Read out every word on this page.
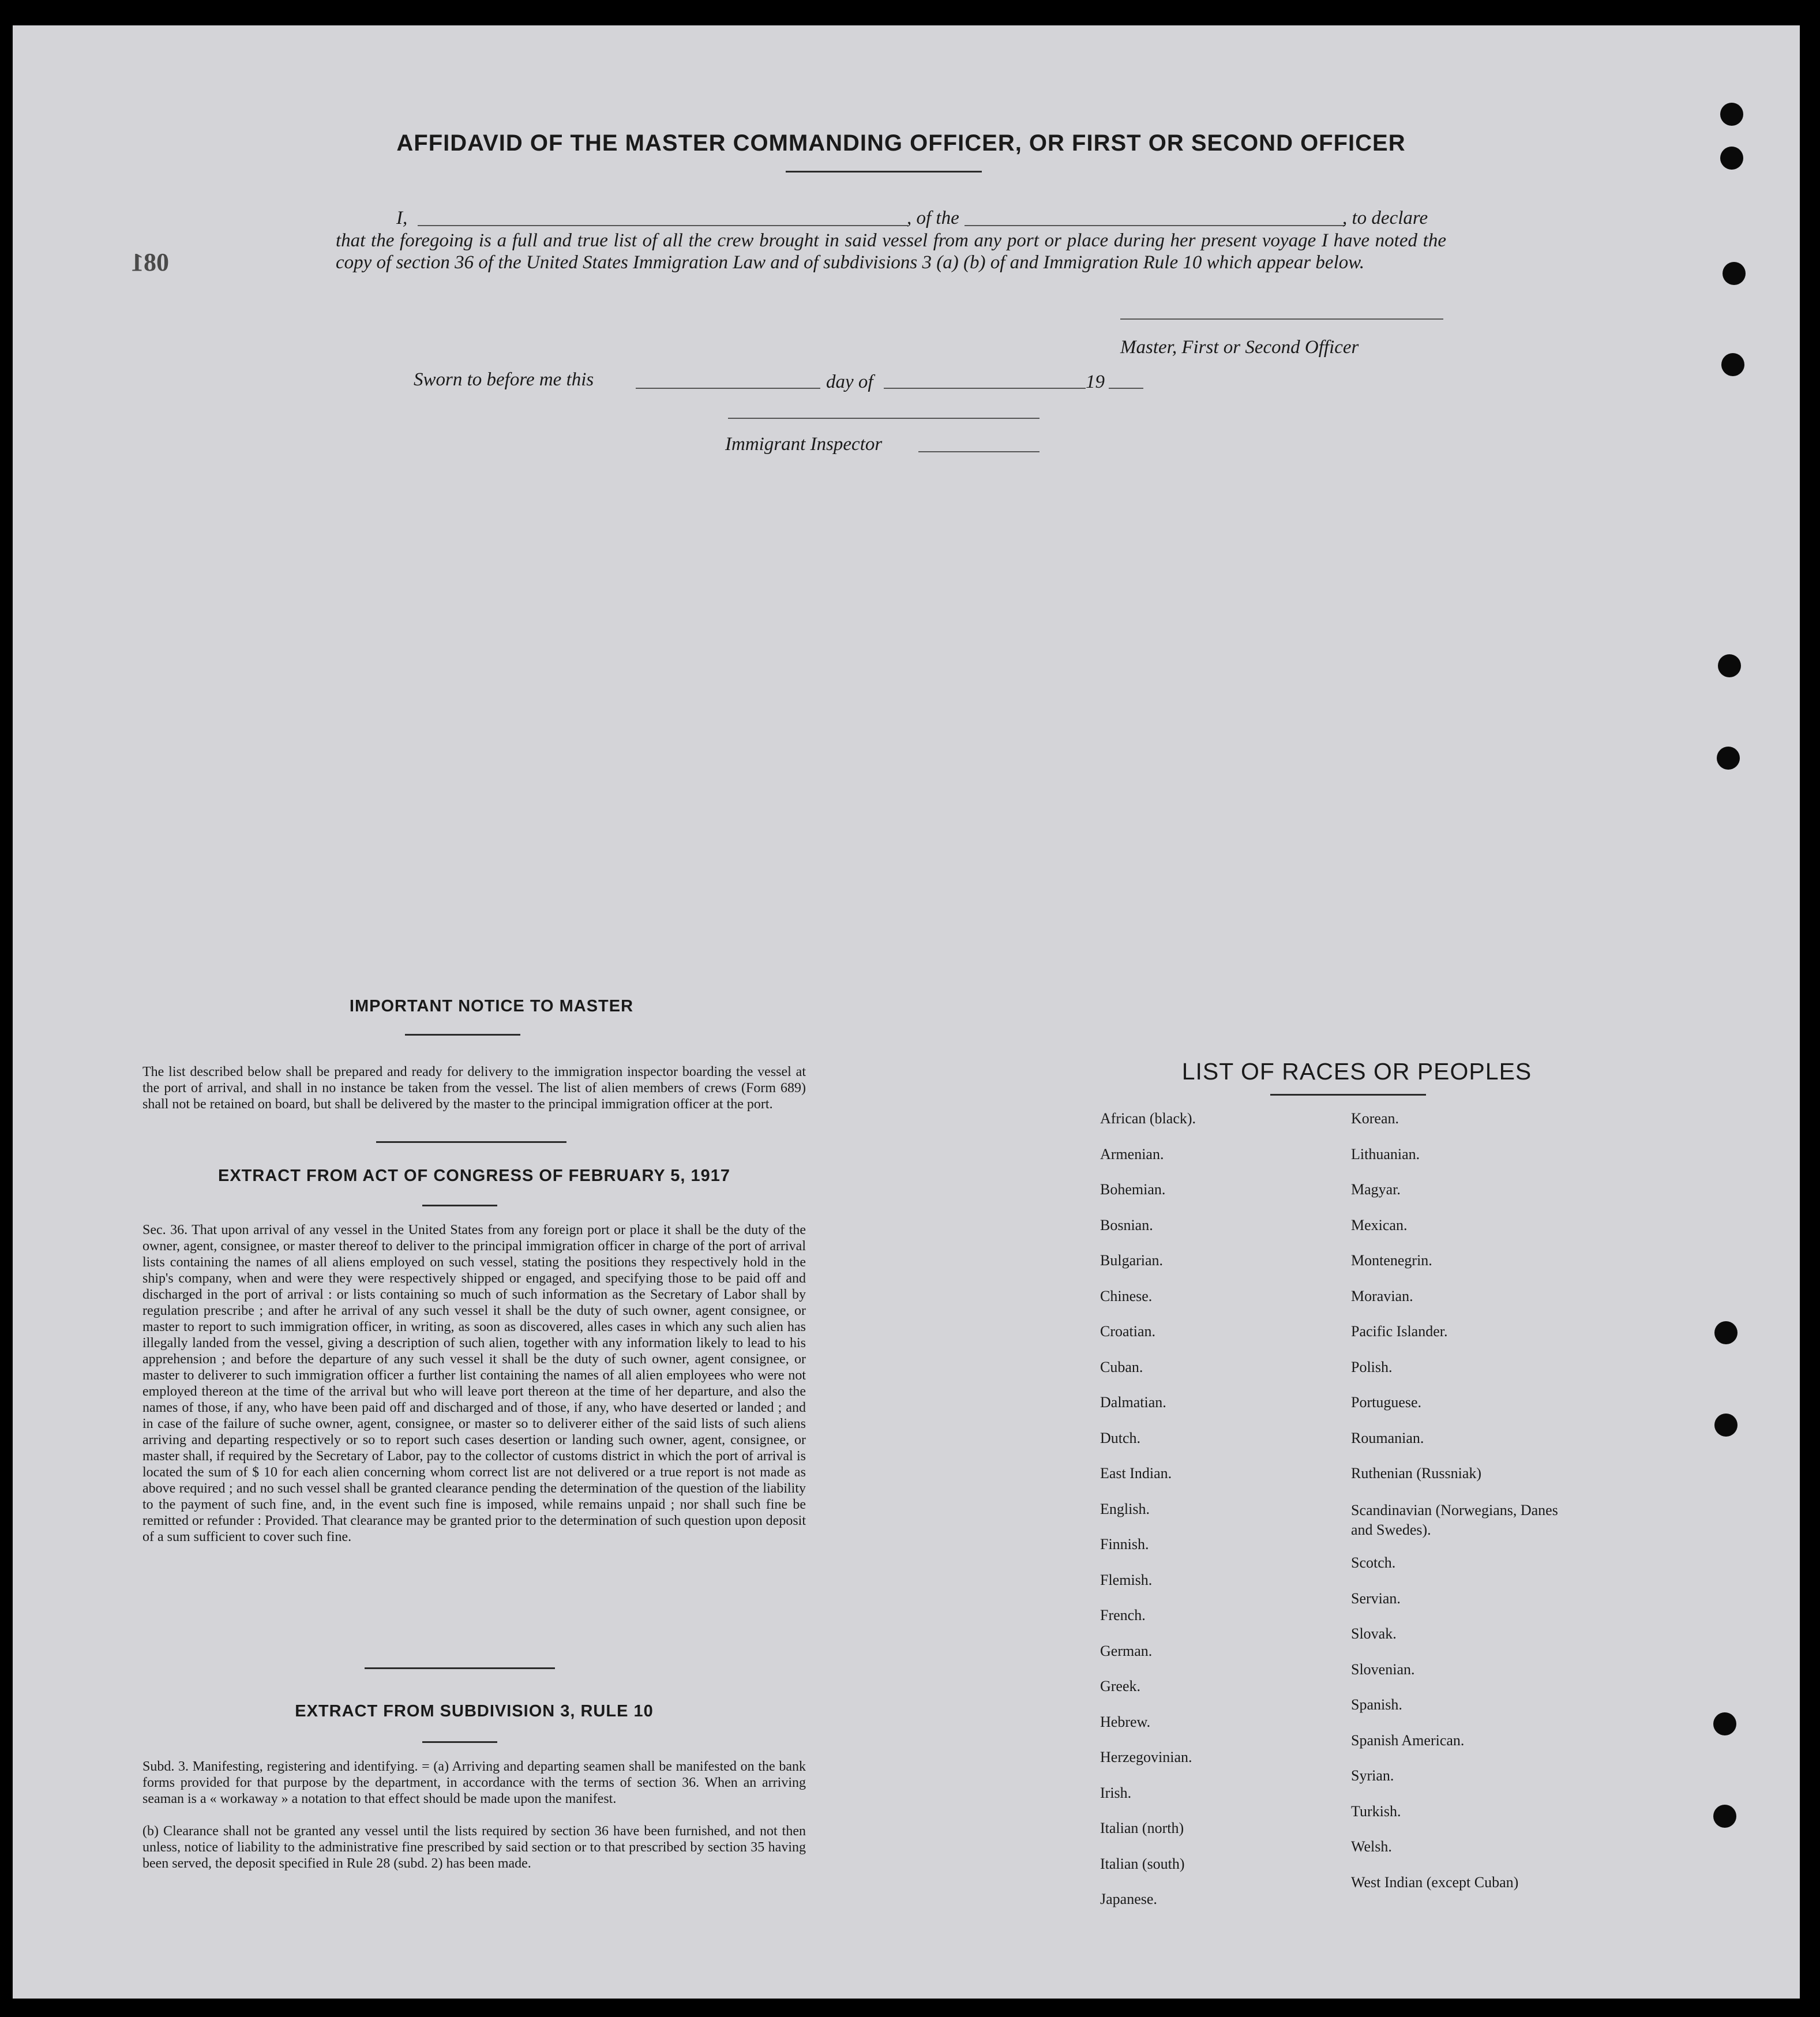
081
AFFIDAVID OF THE MASTER COMMANDING OFFICER, OR FIRST OR SECOND OFFICER
I,	, of the	, to declare
that the foregoing is a full and true list of all the crew brought in said vessel from any port or place during her present voyage I have noted the copy of section 36 of the United States Immigration Law and of subdivisions 3 (a) (b) of and Immigration Rule 10 which appear below.
Master, First or Second Officer
Sworn to before me this	day of	19
Immigrant Inspector
IMPORTANT NOTICE TO MASTER
The list described below shall be prepared and ready for delivery to the immigration inspector boarding the vessel at the port of arrival, and shall in no instance be taken from the vessel. The list of alien members of crews (Form 689) shall not be retained on board, but shall be delivered by the master to the principal immigration officer at the port.
EXTRACT FROM ACT OF CONGRESS OF FEBRUARY 5, 1917
Sec. 36. That upon arrival of any vessel in the United States from any foreign port or place it shall be the duty of the owner, agent, consignee, or master thereof to deliver to the principal immigration officer in charge of the port of arrival lists containing the names of all aliens employed on such vessel, stating the positions they respectively hold in the ship's company, when and were they were respectively shipped or engaged, and specifying those to be paid off and discharged in the port of arrival : or lists containing so much of such information as the Secretary of Labor shall by regulation prescribe ; and after he arrival of any such vessel it shall be the duty of such owner, agent consignee, or master to report to such immigration officer, in writing, as soon as discovered, alles cases in which any such alien has illegally landed from the vessel, giving a description of such alien, together with any information likely to lead to his apprehension ; and before the departure of any such vessel it shall be the duty of such owner, agent consignee, or master to deliverer to such immigration officer a further list containing the names of all alien employees who were not employed thereon at the time of the arrival but who will leave port thereon at the time of her departure, and also the names of those, if any, who have been paid off and discharged and of those, if any, who have deserted or landed ; and in case of the failure of suche owner, agent, consignee, or master so to deliverer either of the said lists of such aliens arriving and departing respectively or so to report such cases desertion or landing such owner, agent, consignee, or master shall, if required by the Secretary of Labor, pay to the collector of customs district in which the port of arrival is located the sum of $ 10 for each alien concerning whom correct list are not delivered or a true report is not made as above required ; and no such vessel shall be granted clearance pending the determination of the question of the liability to the payment of such fine, and, in the event such fine is imposed, while remains unpaid ; nor shall such fine be remitted or refunder : Provided. That clearance may be granted prior to the determination of such question upon deposit of a sum sufficient to cover such fine.
EXTRACT FROM SUBDIVISION 3, RULE 10
Subd. 3. Manifesting, registering and identifying. = (a) Arriving and departing seamen shall be manifested on the bank forms provided for that purpose by the department, in accordance with the terms of section 36. When an arriving seaman is a « workaway » a notation to that effect should be made upon the manifest.
(b) Clearance shall not be granted any vessel until the lists required by section 36 have been furnished, and not then unless, notice of liability to the administrative fine prescribed by said section or to that prescribed by section 35 having been served, the deposit specified in Rule 28 (subd. 2) has been made.
LIST OF RACES OR PEOPLES
African (black).
Armenian.
Bohemian.
Bosnian.
Bulgarian.
Chinese.
Croatian.
Cuban.
Dalmatian.
Dutch.
East Indian.
English.
Finnish.
Flemish.
French.
German.
Greek.
Hebrew.
Herzegovinian.
Irish.
Italian (north)
Italian (south)
Japanese.
Korean.
Lithuanian.
Magyar.
Mexican.
Montenegrin.
Moravian.
Pacific Islander.
Polish.
Portuguese.
Roumanian.
Ruthenian (Russniak)
Scandinavian (Norwegians, Danes and Swedes).
Scotch.
Servian.
Slovak.
Slovenian.
Spanish.
Spanish American.
Syrian.
Turkish.
Welsh.
West Indian (except Cuban)
